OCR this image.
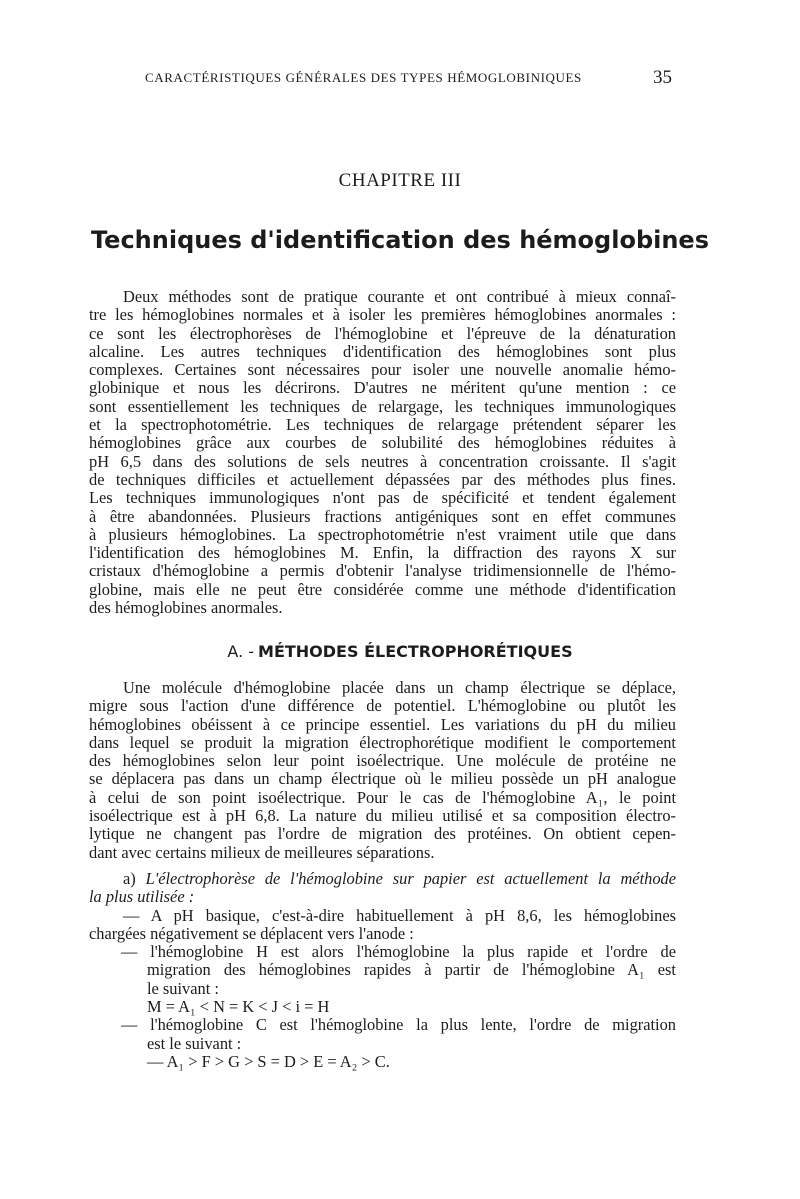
CARACTÉRISTIQUES GÉNÉRALES DES TYPES HÉMOGLOBINIQUES	35
CHAPITRE III
Techniques d'identification des hémoglobines
Deux méthodes sont de pratique courante et ont contribué à mieux connaî-
tre les hémoglobines normales et à isoler les premières hémoglobines anormales :
ce sont les électrophorèses de l'hémoglobine et l'épreuve de la dénaturation
alcaline. Les autres techniques d'identification des hémoglobines sont plus
complexes. Certaines sont nécessaires pour isoler une nouvelle anomalie hémo-
globinique et nous les décrirons. D'autres ne méritent qu'une mention : ce
sont essentiellement les techniques de relargage, les techniques immunologiques
et la spectrophotométrie. Les techniques de relargage prétendent séparer les
hémoglobines grâce aux courbes de solubilité des hémoglobines réduites à
pH 6,5 dans des solutions de sels neutres à concentration croissante. Il s'agit
de techniques difficiles et actuellement dépassées par des méthodes plus fines.
Les techniques immunologiques n'ont pas de spécificité et tendent également
à être abandonnées. Plusieurs fractions antigéniques sont en effet communes
à plusieurs hémoglobines. La spectrophotométrie n'est vraiment utile que dans
l'identification des hémoglobines M. Enfin, la diffraction des rayons X sur
cristaux d'hémoglobine a permis d'obtenir l'analyse tridimensionnelle de l'hémo-
globine, mais elle ne peut être considérée comme une méthode d'identification
des hémoglobines anormales.
A. - MÉTHODES ÉLECTROPHORÉTIQUES
Une molécule d'hémoglobine placée dans un champ électrique se déplace,
migre sous l'action d'une différence de potentiel. L'hémoglobine ou plutôt les
hémoglobines obéissent à ce principe essentiel. Les variations du pH du milieu
dans lequel se produit la migration électrophorétique modifient le comportement
des hémoglobines selon leur point isoélectrique. Une molécule de protéine ne
se déplacera pas dans un champ électrique où le milieu possède un pH analogue
à celui de son point isoélectrique. Pour le cas de l'hémoglobine A₁, le point
isoélectrique est à pH 6,8. La nature du milieu utilisé et sa composition électro-
lytique ne changent pas l'ordre de migration des protéines. On obtient cepen-
dant avec certains milieux de meilleures séparations.
a) L'électrophorèse de l'hémoglobine sur papier est actuellement la méthode
la plus utilisée :
— A pH basique, c'est-à-dire habituellement à pH 8,6, les hémoglobines
chargées négativement se déplacent vers l'anode :
— l'hémoglobine H est alors l'hémoglobine la plus rapide et l'ordre de
migration des hémoglobines rapides à partir de l'hémoglobine A₁ est
le suivant :
M = A₁ < N = K < J < i = H
— l'hémoglobine C est l'hémoglobine la plus lente, l'ordre de migration
est le suivant :
— A₁ > F > G > S = D > E = A₂ > C.
